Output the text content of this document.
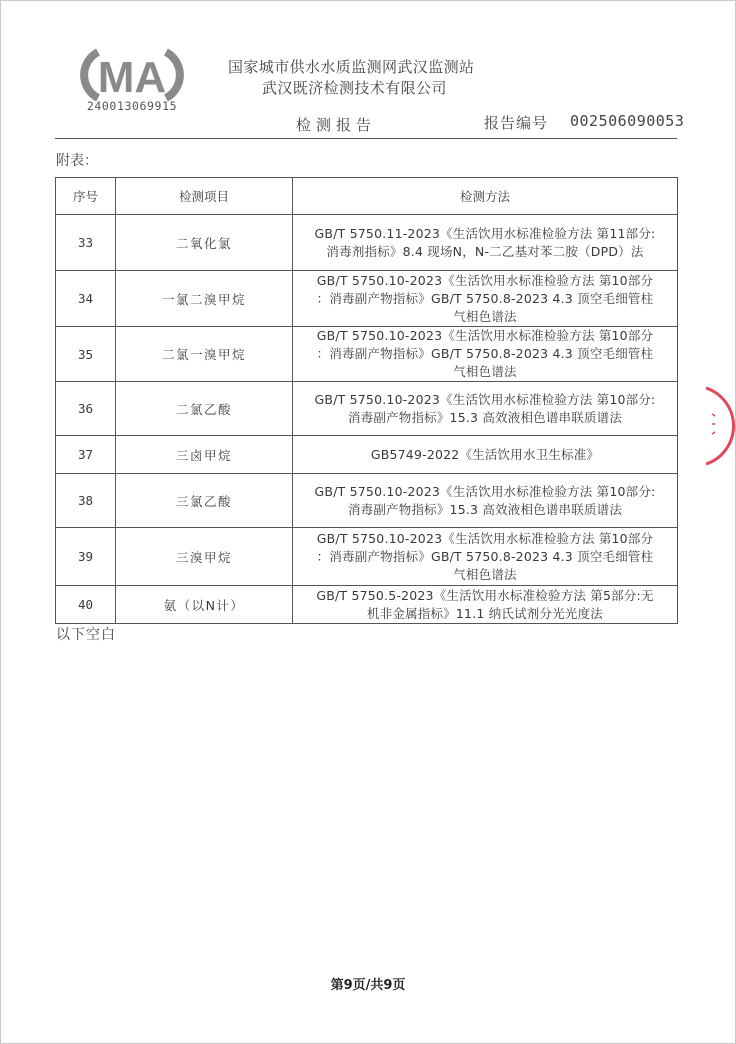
MA
240013069915
国家城市供水水质监测网武汉监测站
武汉既济检测技术有限公司
检测报告	报告编号 002506090053
附表：
序号	检测项目	检测方法
33	二氧化氯	GB/T 5750.11-2023《生活饮用水标准检验方法 第11部分:
消毒剂指标》8.4 现场N，N-二乙基对苯二胺（DPD）法

34	一氯二溴甲烷	GB/T 5750.10-2023《生活饮用水标准检验方法 第10部分
：消毒副产物指标》GB/T 5750.8-2023 4.3 顶空毛细管柱
气相色谱法

35	二氯一溴甲烷	GB/T 5750.10-2023《生活饮用水标准检验方法 第10部分
：消毒副产物指标》GB/T 5750.8-2023 4.3 顶空毛细管柱
气相色谱法

36	二氯乙酸	GB/T 5750.10-2023《生活饮用水标准检验方法 第10部分:
消毒副产物指标》15.3 高效液相色谱串联质谱法

37	三卤甲烷	GB5749-2022《生活饮用水卫生标准》

38	三氯乙酸	GB/T 5750.10-2023《生活饮用水标准检验方法 第10部分:
消毒副产物指标》15.3 高效液相色谱串联质谱法

39	三溴甲烷	GB/T 5750.10-2023《生活饮用水标准检验方法 第10部分
：消毒副产物指标》GB/T 5750.8-2023 4.3 顶空毛细管柱
气相色谱法

40	氨（以N计）	GB/T 5750.5-2023《生活饮用水标准检验方法 第5部分:无
机非金属指标》11.1 纳氏试剂分光光度法
以下空白
第9页/共9页
